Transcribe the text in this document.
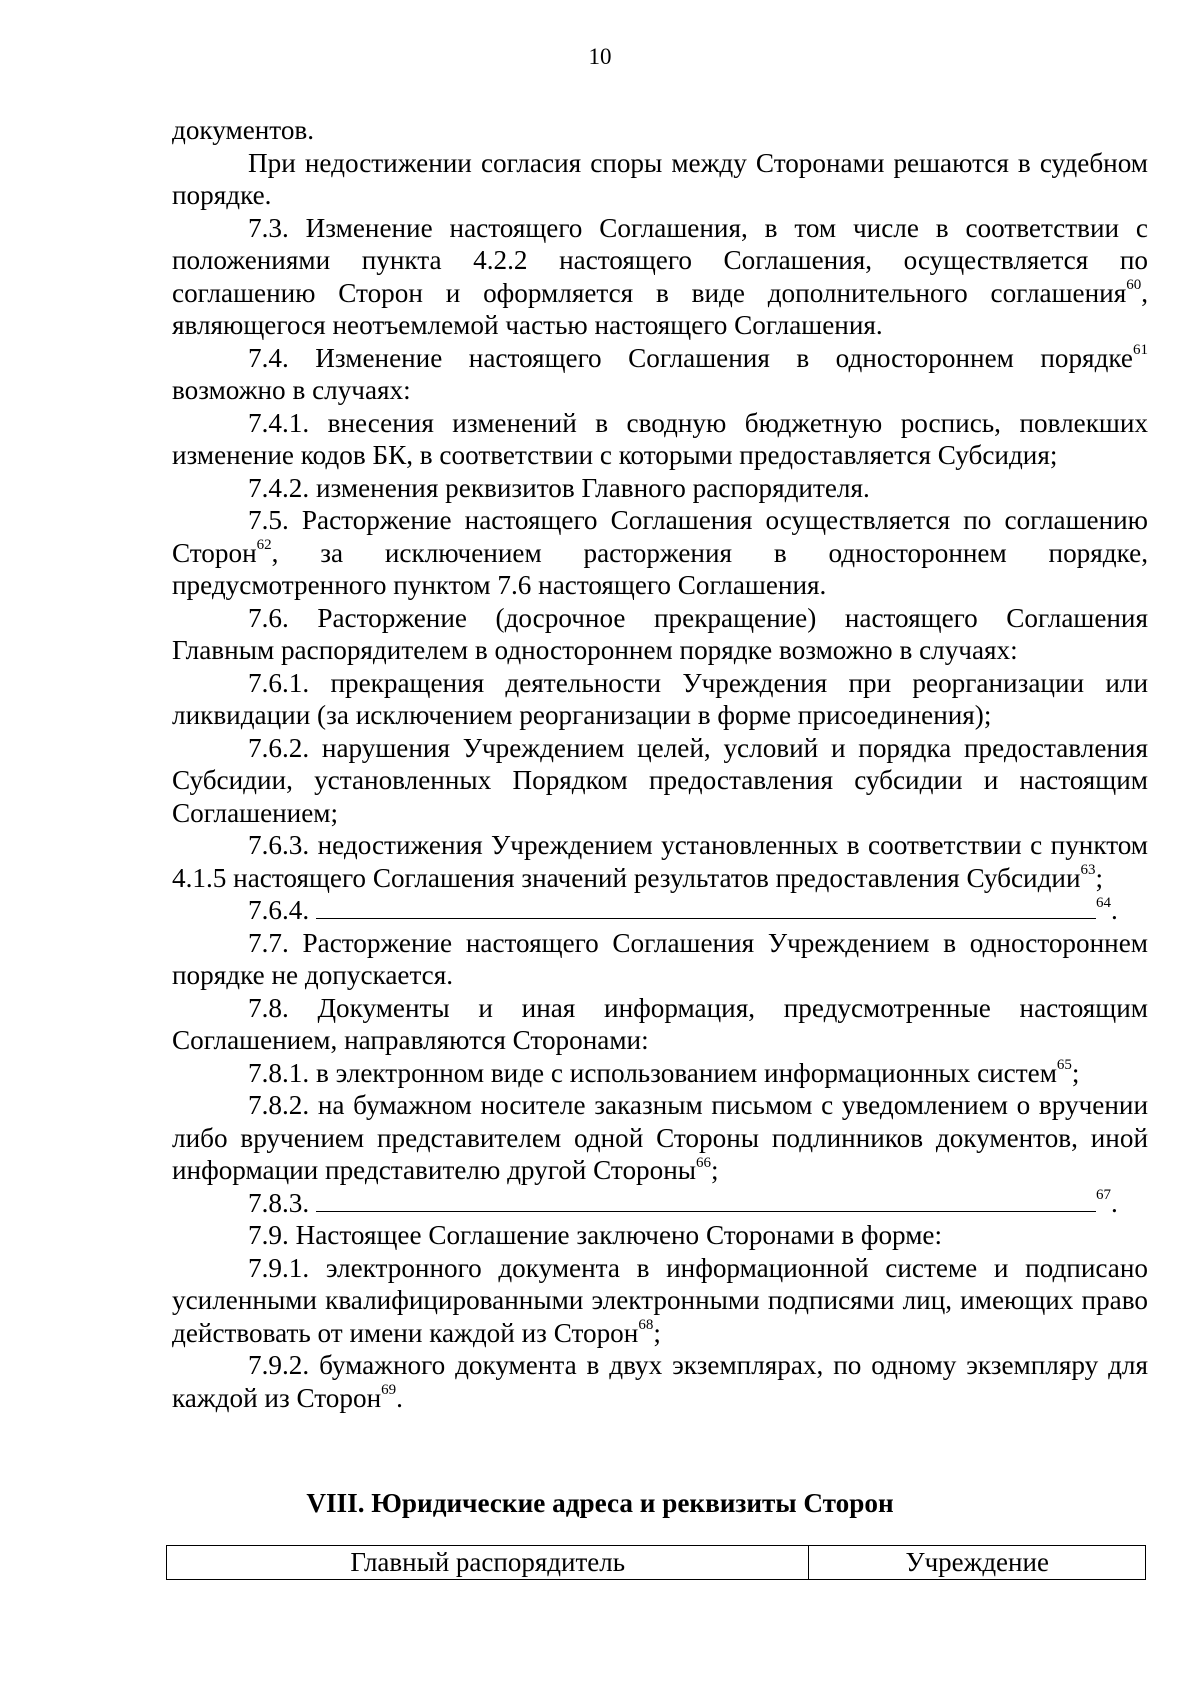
10

документов.

При недостижении согласия споры между Сторонами решаются в судебном порядке.

7.3. Изменение настоящего Соглашения, в том числе в соответствии с положениями пункта 4.2.2 настоящего Соглашения, осуществляется по соглашению Сторон и оформляется в виде дополнительного соглашения$^{60}$, являющегося неотъемлемой частью настоящего Соглашения.

7.4. Изменение настоящего Соглашения в одностороннем порядке$^{61}$ возможно в случаях:

7.4.1. внесения изменений в сводную бюджетную роспись, повлекших изменение кодов БК, в соответствии с которыми предоставляется Субсидия;

7.4.2. изменения реквизитов Главного распорядителя.

7.5. Расторжение настоящего Соглашения осуществляется по соглашению Сторон$^{62}$, за исключением расторжения в одностороннем порядке, предусмотренного пунктом 7.6 настоящего Соглашения.

7.6. Расторжение (досрочное прекращение) настоящего Соглашения Главным распорядителем в одностороннем порядке возможно в случаях:

7.6.1. прекращения деятельности Учреждения при реорганизации или ликвидации (за исключением реорганизации в форме присоединения);

7.6.2. нарушения Учреждением целей, условий и порядка предоставления Субсидии, установленных Порядком предоставления субсидии и настоящим Соглашением;

7.6.3. недостижения Учреждением установленных в соответствии с пунктом 4.1.5 настоящего Соглашения значений результатов предоставления Субсидии$^{63}$;

7.6.4.	$^{64}$.

7.7. Расторжение настоящего Соглашения Учреждением в одностороннем порядке не допускается.

7.8. Документы и иная информация, предусмотренные настоящим Соглашением, направляются Сторонами:

7.8.1. в электронном виде с использованием информационных систем$^{65}$;

7.8.2. на бумажном носителе заказным письмом с уведомлением о вручении либо вручением представителем одной Стороны подлинников документов, иной информации представителю другой Стороны$^{66}$;

7.8.3.	$^{67}$.

7.9. Настоящее Соглашение заключено Сторонами в форме:

7.9.1. электронного документа в информационной системе и подписано усиленными квалифицированными электронными подписями лиц, имеющих право действовать от имени каждой из Сторон$^{68}$;

7.9.2. бумажного документа в двух экземплярах, по одному экземпляру для каждой из Сторон$^{69}$.

VIII. Юридические адреса и реквизиты Сторон
Главный распорядитель	Учреждение
